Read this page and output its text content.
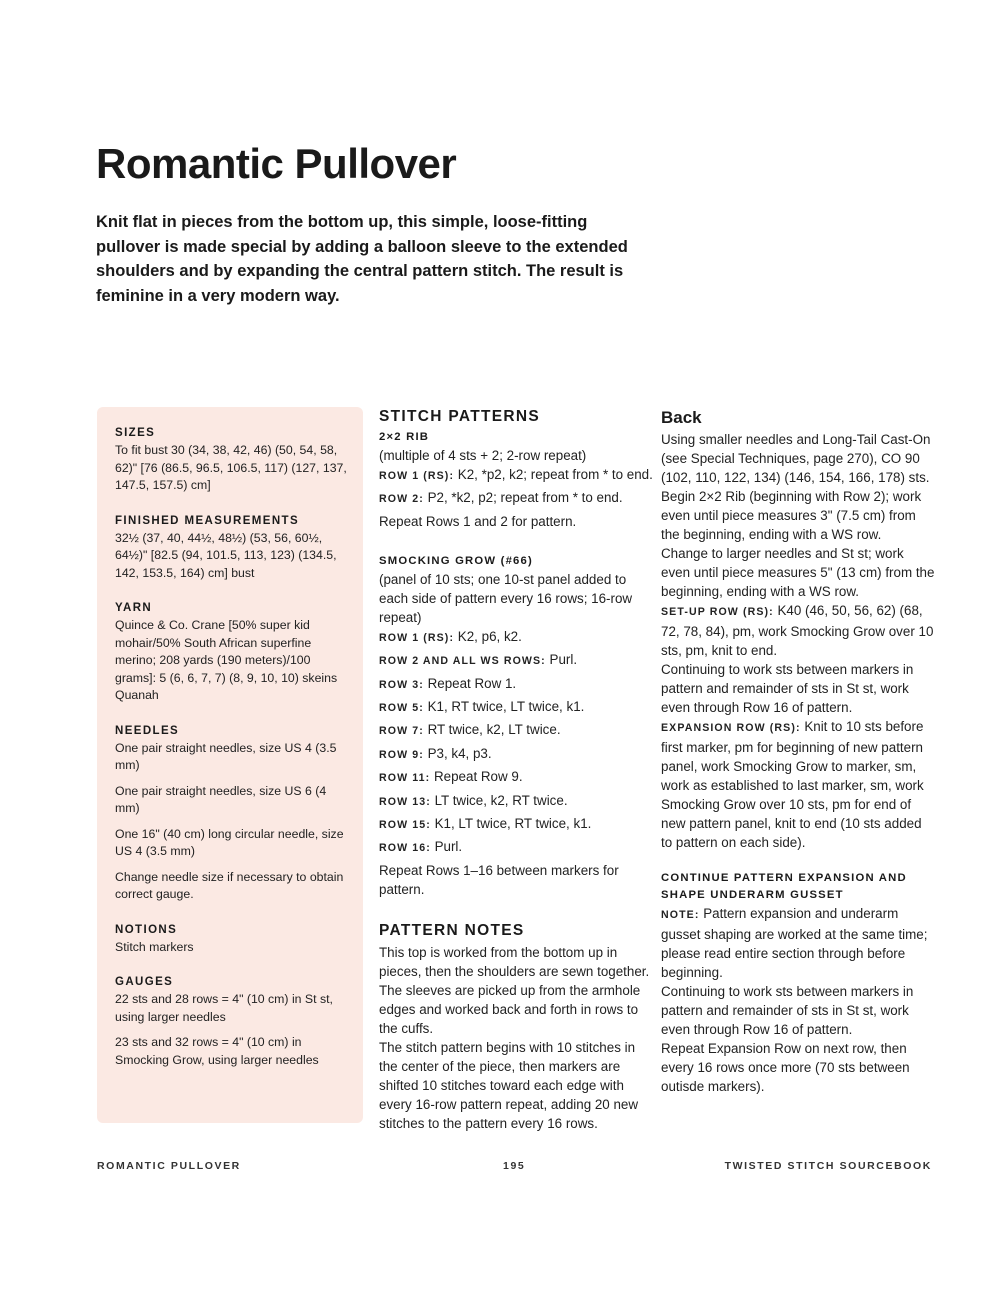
Romantic Pullover

Knit flat in pieces from the bottom up, this simple, loose-fitting pullover is made special by adding a balloon sleeve to the extended shoulders and by expanding the central pattern stitch. The result is feminine in a very modern way.

SIZES

To fit bust 30 (34, 38, 42, 46) (50, 54, 58, 62)" [76 (86.5, 96.5, 106.5, 117) (127, 137, 147.5, 157.5) cm]

FINISHED MEASUREMENTS

32½ (37, 40, 44½, 48½) (53, 56, 60½, 64½)" [82.5 (94, 101.5, 113, 123) (134.5, 142, 153.5, 164) cm] bust

YARN

Quince & Co. Crane [50% super kid mohair/50% South African superfine merino; 208 yards (190 meters)/100 grams]: 5 (6, 6, 7, 7) (8, 9, 10, 10) skeins Quanah

NEEDLES

One pair straight needles, size US 4 (3.5 mm)

One pair straight needles, size US 6 (4 mm)

One 16" (40 cm) long circular needle, size US 4 (3.5 mm)

Change needle size if necessary to obtain correct gauge.

NOTIONS

Stitch markers

GAUGES

22 sts and 28 rows = 4" (10 cm) in St st, using larger needles

23 sts and 32 rows = 4" (10 cm) in Smocking Grow, using larger needles

STITCH PATTERNS

2×2 RIB

(multiple of 4 sts + 2; 2-row repeat)

ROW 1 (RS): K2, *p2, k2; repeat from * to end.

ROW 2: P2, *k2, p2; repeat from * to end.

Repeat Rows 1 and 2 for pattern.

SMOCKING GROW (#66)

(panel of 10 sts; one 10-st panel added to each side of pattern every 16 rows; 16-row repeat)

ROW 1 (RS): K2, p6, k2.

ROW 2 AND ALL WS ROWS: Purl.

ROW 3: Repeat Row 1.

ROW 5: K1, RT twice, LT twice, k1.

ROW 7: RT twice, k2, LT twice.

ROW 9: P3, k4, p3.

ROW 11: Repeat Row 9.

ROW 13: LT twice, k2, RT twice.

ROW 15: K1, LT twice, RT twice, k1.

ROW 16: Purl.

Repeat Rows 1–16 between markers for pattern.

PATTERN NOTES

This top is worked from the bottom up in pieces, then the shoulders are sewn together. The sleeves are picked up from the armhole edges and worked back and forth in rows to the cuffs.

The stitch pattern begins with 10 stitches in the center of the piece, then markers are shifted 10 stitches toward each edge with every 16-row pattern repeat, adding 20 new stitches to the pattern every 16 rows.

Back

Using smaller needles and Long-Tail Cast-On (see Special Techniques, page 270), CO 90 (102, 110, 122, 134) (146, 154, 166, 178) sts.

Begin 2×2 Rib (beginning with Row 2); work even until piece measures 3" (7.5 cm) from the beginning, ending with a WS row.

Change to larger needles and St st; work even until piece measures 5" (13 cm) from the beginning, ending with a WS row.

SET-UP ROW (RS): K40 (46, 50, 56, 62) (68, 72, 78, 84), pm, work Smocking Grow over 10 sts, pm, knit to end.

Continuing to work sts between markers in pattern and remainder of sts in St st, work even through Row 16 of pattern.

EXPANSION ROW (RS): Knit to 10 sts before first marker, pm for beginning of new pattern panel, work Smocking Grow to marker, sm, work as established to last marker, sm, work Smocking Grow over 10 sts, pm for end of new pattern panel, knit to end (10 sts added to pattern on each side).

CONTINUE PATTERN EXPANSION AND SHAPE UNDERARM GUSSET

NOTE: Pattern expansion and underarm gusset shaping are worked at the same time; please read entire section through before beginning.

Continuing to work sts between markers in pattern and remainder of sts in St st, work even through Row 16 of pattern.

Repeat Expansion Row on next row, then every 16 rows once more (70 sts between outisde markers).

ROMANTIC PULLOVER	195	TWISTED STITCH SOURCEBOOK
